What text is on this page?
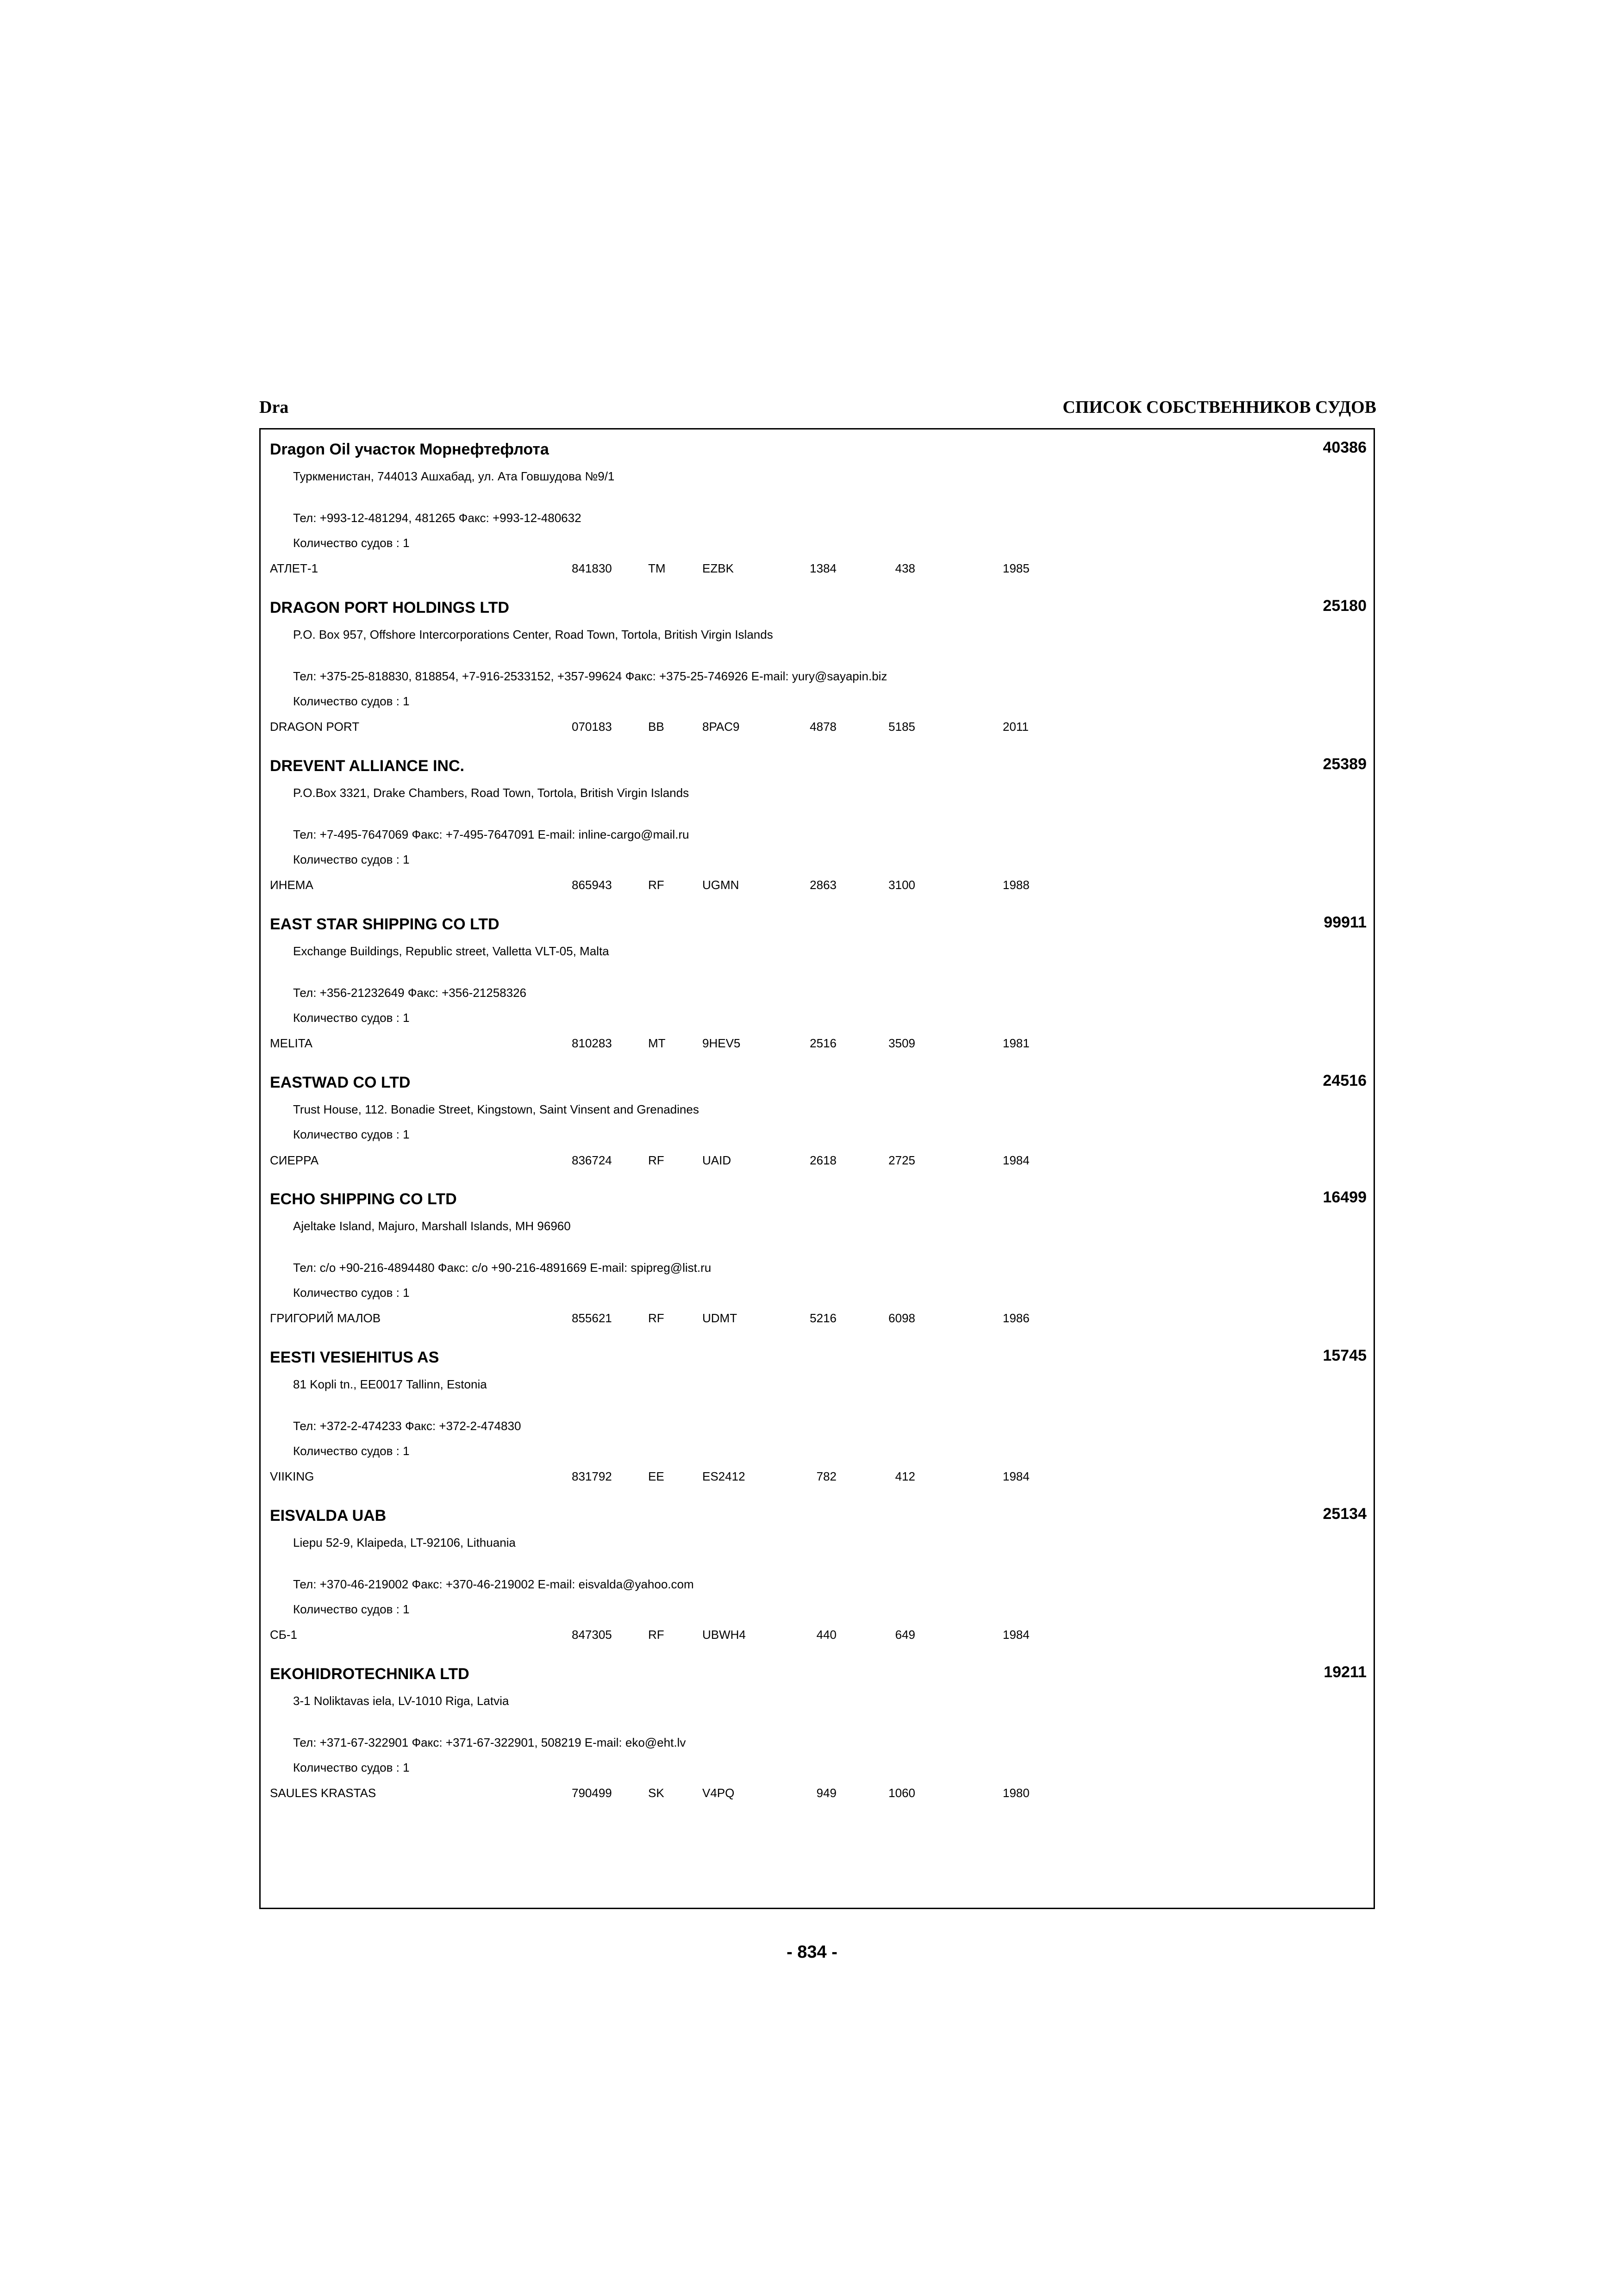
Dra	СПИСОК СОБСТВЕННИКОВ СУДОВ
Dragon Oil участок Морнефтефлота	40386
Туркменистан, 744013 Ашхабад, ул. Ата Говшудова №9/1
Тел: +993-12-481294, 481265 Факс: +993-12-480632
Количество судов : 1
АТЛЕТ-1	841830	TM	EZBK	1384	438	1985
DRAGON PORT HOLDINGS LTD	25180
P.O. Box 957, Offshore Intercorporations Center, Road Town, Tortola, British Virgin Islands
Тел: +375-25-818830, 818854, +7-916-2533152, +357-99624 Факс: +375-25-746926 E-mail: yury@sayapin.biz
Количество судов : 1
DRAGON PORT	070183	BB	8PAC9	4878	5185	2011
DREVENT ALLIANCE INC.	25389
P.O.Box 3321, Drake Chambers, Road Town, Tortola, British Virgin Islands
Тел: +7-495-7647069 Факс: +7-495-7647091 E-mail: inline-cargo@mail.ru
Количество судов : 1
ИНЕМА	865943	RF	UGMN	2863	3100	1988
EAST STAR SHIPPING CO LTD	99911
Exchange Buildings, Republic street, Valletta VLT-05, Malta
Тел: +356-21232649 Факс: +356-21258326
Количество судов : 1
MELITA	810283	MT	9HEV5	2516	3509	1981
EASTWAD CO LTD	24516
Trust House, 112. Bonadie Street, Kingstown, Saint Vinsent and Grenadines
Количество судов : 1
СИЕРРА	836724	RF	UAID	2618	2725	1984
ECHO SHIPPING CO LTD	16499
Ajeltake Island, Majuro, Marshall Islands, MH 96960
Тел: c/o +90-216-4894480 Факс: c/o +90-216-4891669 E-mail: spipreg@list.ru
Количество судов : 1
ГРИГОРИЙ МАЛОВ	855621	RF	UDMT	5216	6098	1986
EESTI VESIEHITUS AS	15745
81 Kopli tn., EE0017 Tallinn, Estonia
Тел: +372-2-474233 Факс: +372-2-474830
Количество судов : 1
VIIKING	831792	EE	ES2412	782	412	1984
EISVALDA UAB	25134
Liepu 52-9, Klaipeda, LT-92106, Lithuania
Тел: +370-46-219002 Факс: +370-46-219002 E-mail: eisvalda@yahoo.com
Количество судов : 1
СБ-1	847305	RF	UBWH4	440	649	1984
EKOHIDROTECHNIKA LTD	19211
3-1 Noliktavas iela, LV-1010 Riga, Latvia
Тел: +371-67-322901 Факс: +371-67-322901, 508219 E-mail: eko@eht.lv
Количество судов : 1
SAULES KRASTAS	790499	SK	V4PQ	949	1060	1980
- 834 -
